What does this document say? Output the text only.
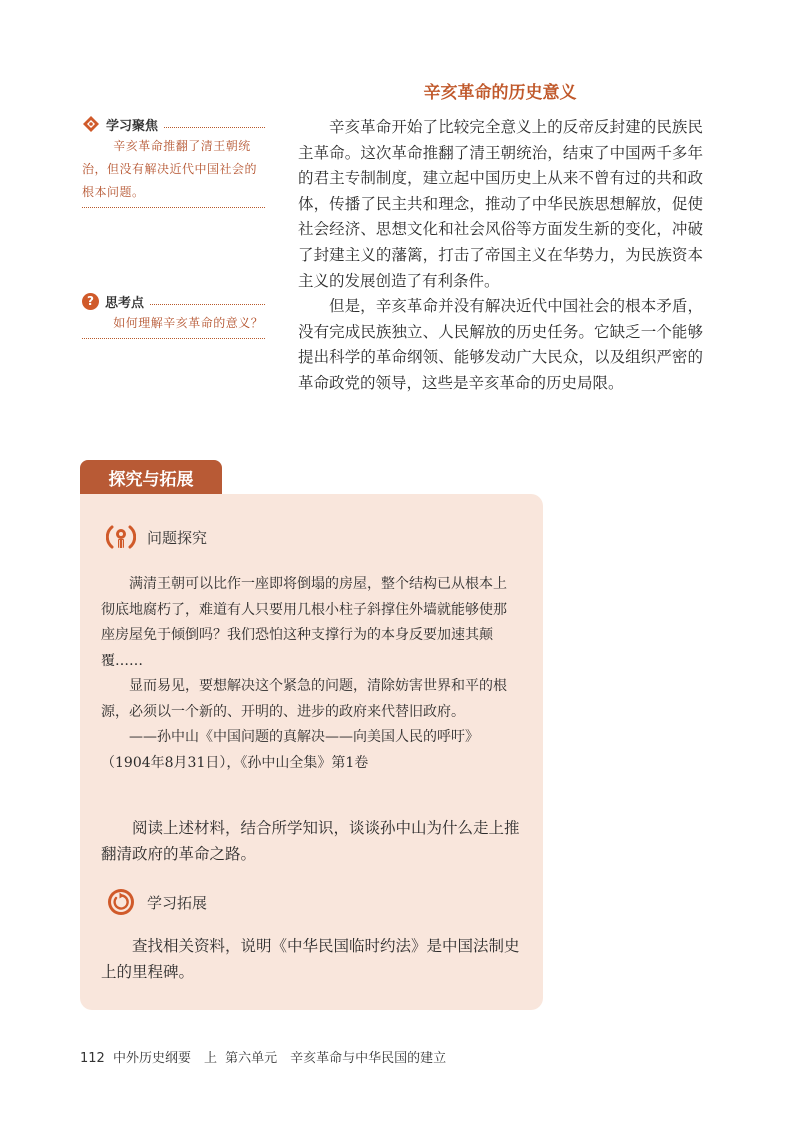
辛亥革命的历史意义
学习聚焦
辛亥革命推翻了清王朝统治，但没有解决近代中国社会的根本问题。
? 思考点
如何理解辛亥革命的意义？

辛亥革命开始了比较完全意义上的反帝反封建的民族民主革命。这次革命推翻了清王朝统治，结束了中国两千多年的君主专制制度，建立起中国历史上从来不曾有过的共和政体，传播了民主共和理念，推动了中华民族思想解放，促使社会经济、思想文化和社会风俗等方面发生新的变化，冲破了封建主义的藩篱，打击了帝国主义在华势力，为民族资本主义的发展创造了有利条件。

但是，辛亥革命并没有解决近代中国社会的根本矛盾，没有完成民族独立、人民解放的历史任务。它缺乏一个能够提出科学的革命纲领、能够发动广大民众，以及组织严密的革命政党的领导，这些是辛亥革命的历史局限。

探究与拓展
问题探究

满清王朝可以比作一座即将倒塌的房屋，整个结构已从根本上彻底地腐朽了，难道有人只要用几根小柱子斜撑住外墙就能够使那座房屋免于倾倒吗？我们恐怕这种支撑行为的本身反要加速其颠覆……

显而易见，要想解决这个紧急的问题，清除妨害世界和平的根源，必须以一个新的、开明的、进步的政府来代替旧政府。

——孙中山《中国问题的真解决——向美国人民的呼吁》

（1904年8月31日），《孙中山全集》第1卷

阅读上述材料，结合所学知识，谈谈孙中山为什么走上推翻清政府的革命之路。
学习拓展
查找相关资料，说明《中华民国临时约法》是中国法制史上的里程碑。
112 中外历史纲要　上 第六单元　辛亥革命与中华民国的建立
